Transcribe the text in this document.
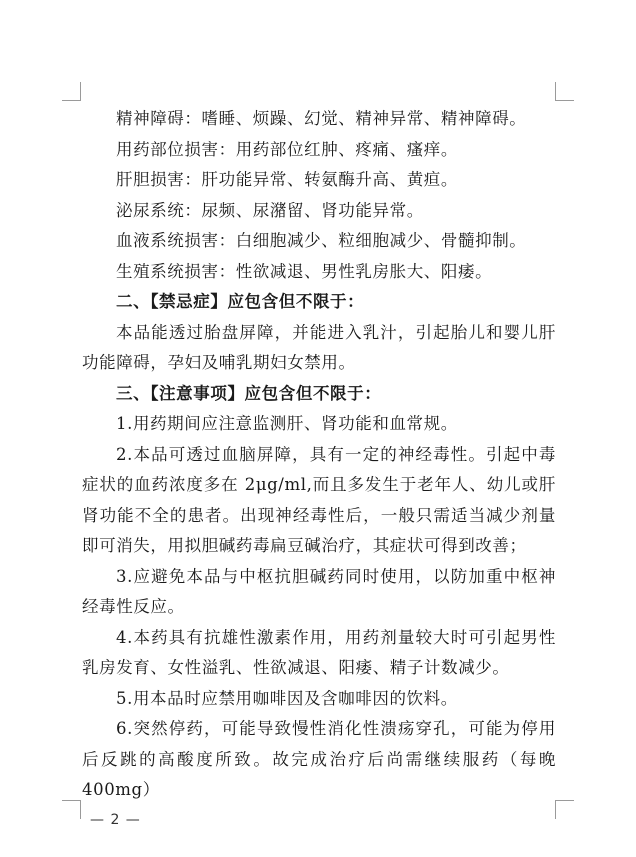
精神障碍：嗜睡、烦躁、幻觉、精神异常、精神障碍。
用药部位损害：用药部位红肿、疼痛、瘙痒。
肝胆损害：肝功能异常、转氨酶升高、黄疸。
泌尿系统：尿频、尿潴留、肾功能异常。
血液系统损害：白细胞减少、粒细胞减少、骨髓抑制。
生殖系统损害：性欲减退、男性乳房胀大、阳痿。
二、【禁忌症】应包含但不限于：

本品能透过胎盘屏障，并能进入乳汁，引起胎儿和婴儿肝功能障碍，孕妇及哺乳期妇女禁用。

三、【注意事项】应包含但不限于：

1.用药期间应注意监测肝、肾功能和血常规。

2.本品可透过血脑屏障，具有一定的神经毒性。引起中毒症状的血药浓度多在 2μg/ml,而且多发生于老年人、幼儿或肝肾功能不全的患者。出现神经毒性后，一般只需适当减少剂量即可消失，用拟胆碱药毒扁豆碱治疗，其症状可得到改善；

3.应避免本品与中枢抗胆碱药同时使用，以防加重中枢神经毒性反应。

4.本药具有抗雄性激素作用，用药剂量较大时可引起男性乳房发育、女性溢乳、性欲减退、阳痿、精子计数减少。

5.用本品时应禁用咖啡因及含咖啡因的饮料。

6.突然停药，可能导致慢性消化性溃疡穿孔，可能为停用后反跳的高酸度所致。故完成治疗后尚需继续服药（每晚 400mg）

— 2 —
